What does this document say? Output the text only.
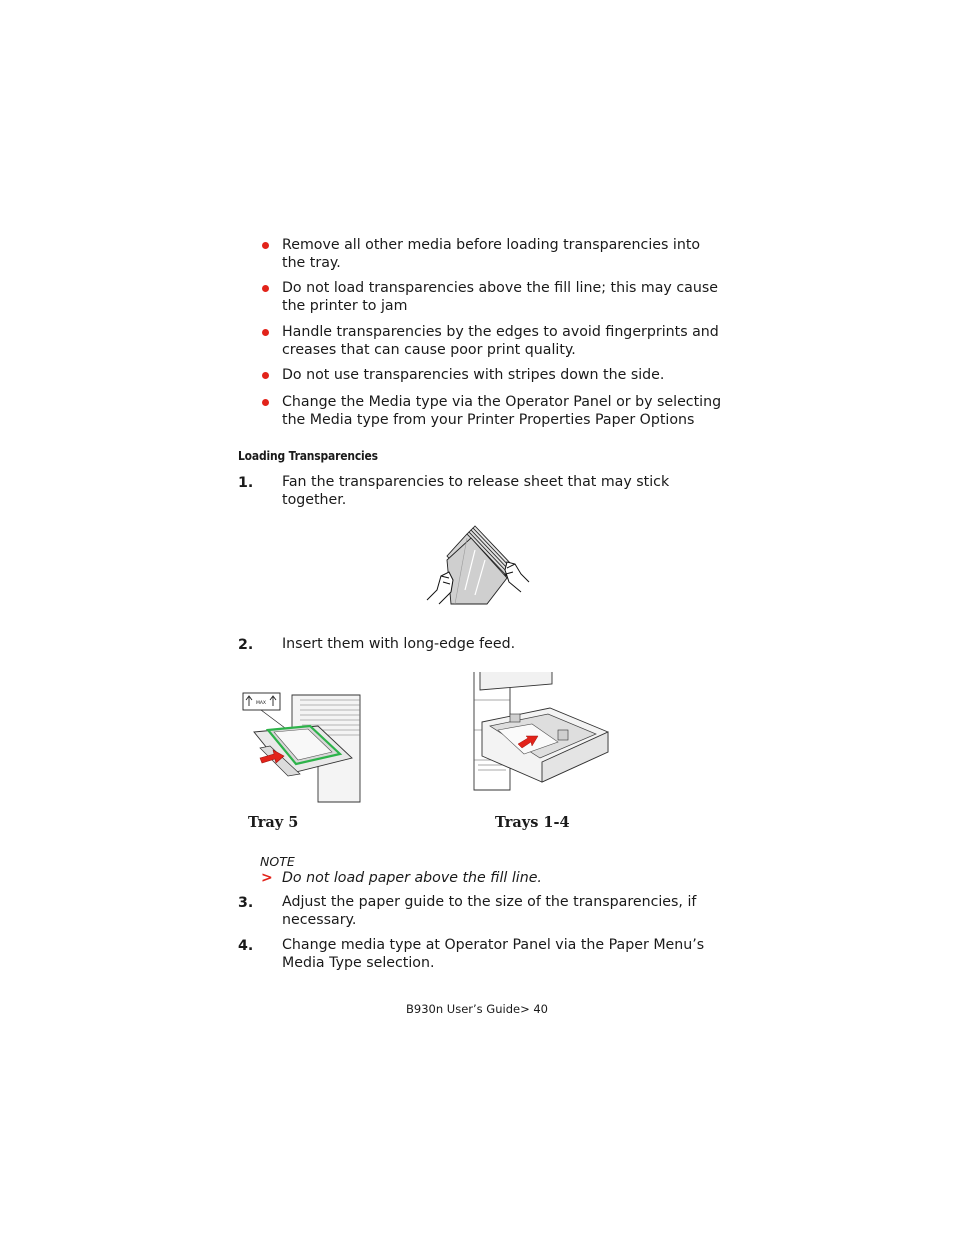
Remove all other media before loading transparencies into the tray.
Do not load transparencies above the fill line; this may cause the printer to jam
Handle transparencies by the edges to avoid fingerprints and creases that can cause poor print quality.
Do not use transparencies with stripes down the side.
Change the Media type via the Operator Panel or by selecting the Media type from your Printer Properties Paper Options
Loading Transparencies
1. Fan the transparencies to release sheet that may stick together.
2. Insert them with long-edge feed.
MAX
Tray 5	Trays 1-4
NOTE
> Do not load paper above the fill line.
3. Adjust the paper guide to the size of the transparencies, if necessary.
4. Change media type at Operator Panel via the Paper Menu’s Media Type selection.
B930n User’s Guide> 40
